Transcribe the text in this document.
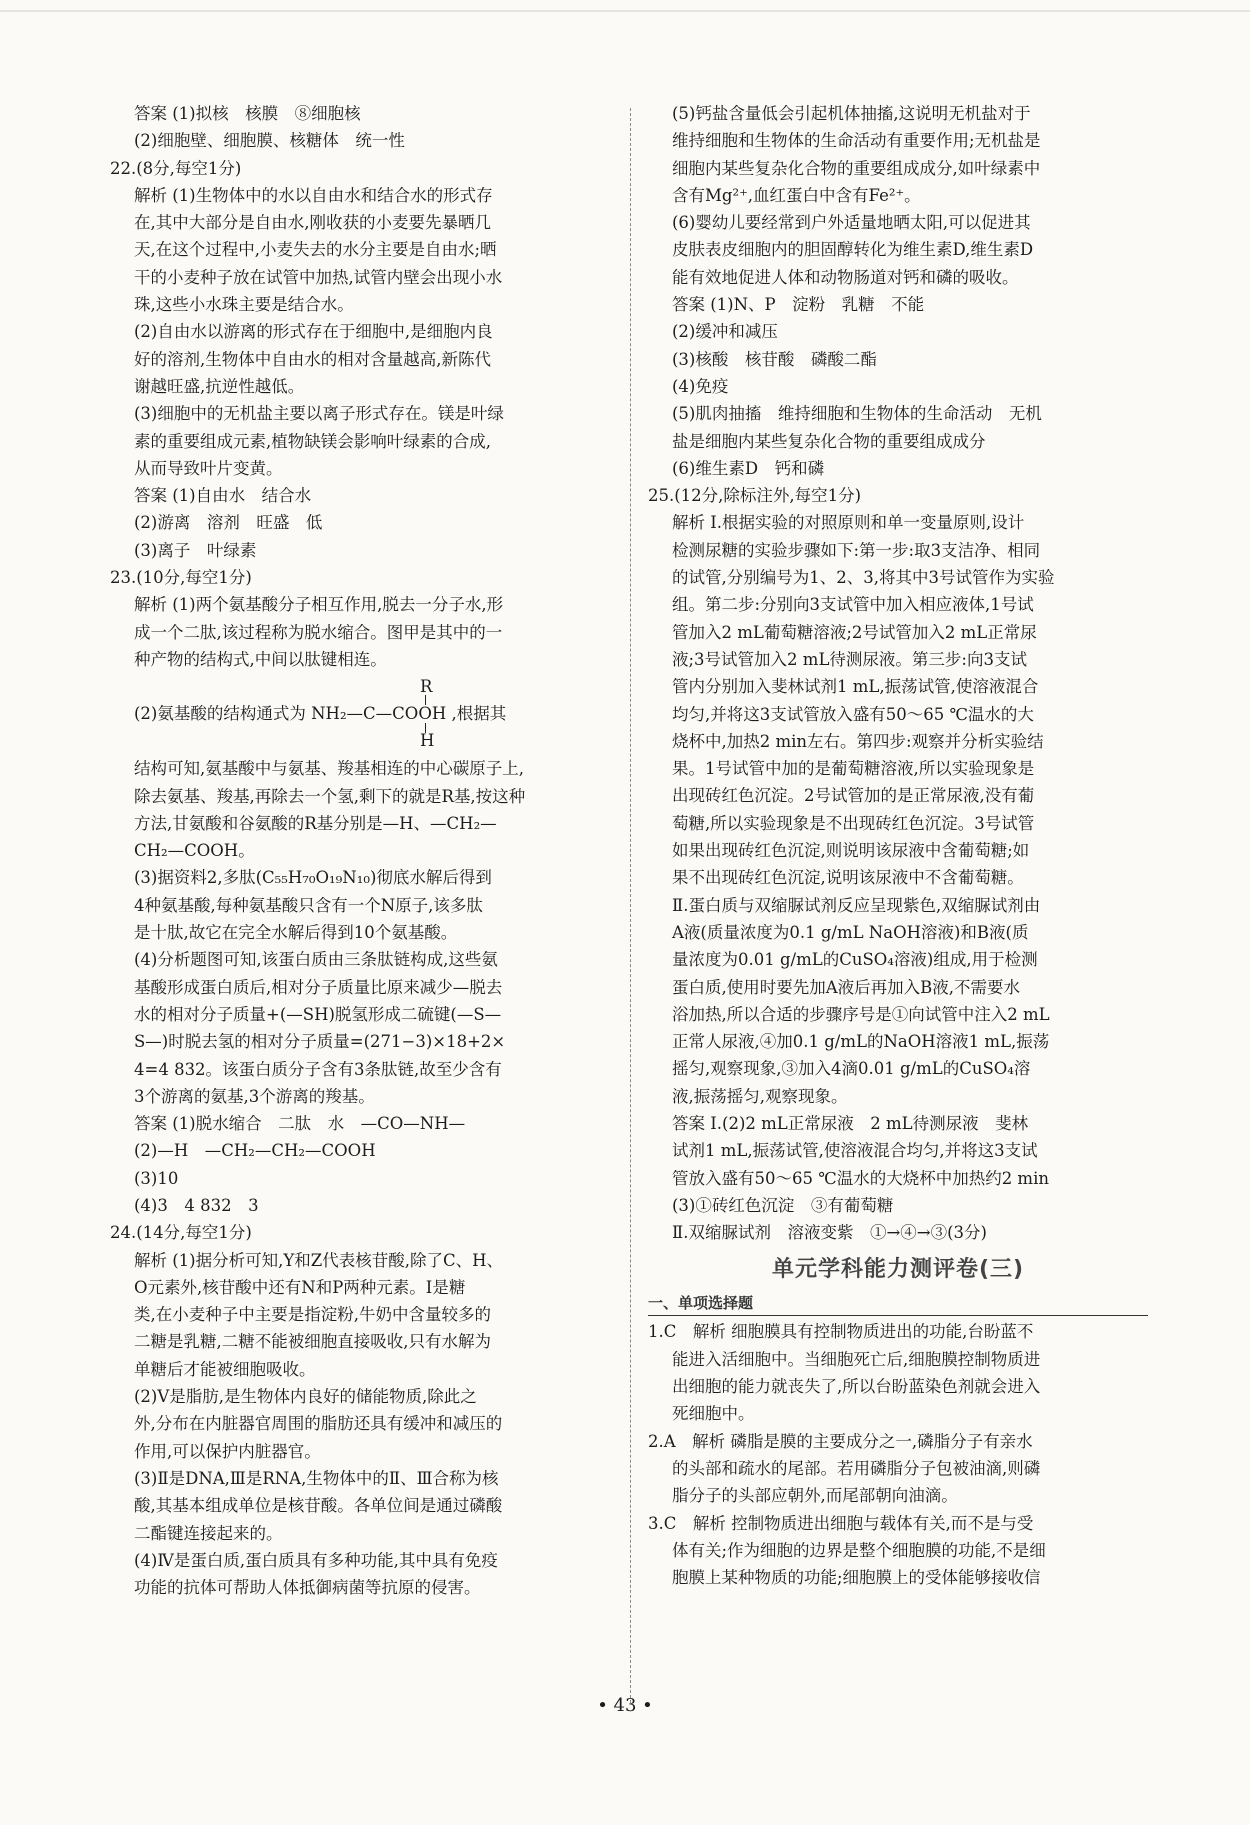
答案 (1)拟核　核膜　⑧细胞核
(2)细胞壁、细胞膜、核糖体　统一性
22.(8分,每空1分)
解析 (1)生物体中的水以自由水和结合水的形式存
在,其中大部分是自由水,刚收获的小麦要先暴晒几
天,在这个过程中,小麦失去的水分主要是自由水;晒
干的小麦种子放在试管中加热,试管内壁会出现小水
珠,这些小水珠主要是结合水。
(2)自由水以游离的形式存在于细胞中,是细胞内良
好的溶剂,生物体中自由水的相对含量越高,新陈代
谢越旺盛,抗逆性越低。
(3)细胞中的无机盐主要以离子形式存在。镁是叶绿
素的重要组成元素,植物缺镁会影响叶绿素的合成,
从而导致叶片变黄。
答案 (1)自由水　结合水
(2)游离　溶剂　旺盛　低
(3)离子　叶绿素
23.(10分,每空1分)
解析 (1)两个氨基酸分子相互作用,脱去一分子水,形
成一个二肽,该过程称为脱水缩合。图甲是其中的一
种产物的结构式,中间以肽键相连。
R
(2)氨基酸的结构通式为 NH₂—C—COOH ,根据其
H
结构可知,氨基酸中与氨基、羧基相连的中心碳原子上,
除去氨基、羧基,再除去一个氢,剩下的就是R基,按这种
方法,甘氨酸和谷氨酸的R基分别是—H、—CH₂—
CH₂—COOH。
(3)据资料2,多肽(C₅₅H₇₀O₁₉N₁₀)彻底水解后得到
4种氨基酸,每种氨基酸只含有一个N原子,该多肽
是十肽,故它在完全水解后得到10个氨基酸。
(4)分析题图可知,该蛋白质由三条肽链构成,这些氨
基酸形成蛋白质后,相对分子质量比原来减少—脱去
水的相对分子质量+(—SH)脱氢形成二硫键(—S—
S—)时脱去氢的相对分子质量=(271−3)×18+2×
4=4 832。该蛋白质分子含有3条肽链,故至少含有
3个游离的氨基,3个游离的羧基。
答案 (1)脱水缩合　二肽　水　—CO—NH—
(2)—H　—CH₂—CH₂—COOH
(3)10
(4)3　4 832　3
24.(14分,每空1分)
解析 (1)据分析可知,Y和Z代表核苷酸,除了C、H、
O元素外,核苷酸中还有N和P两种元素。Ⅰ是糖
类,在小麦种子中主要是指淀粉,牛奶中含量较多的
二糖是乳糖,二糖不能被细胞直接吸收,只有水解为
单糖后才能被细胞吸收。
(2)Ⅴ是脂肪,是生物体内良好的储能物质,除此之
外,分布在内脏器官周围的脂肪还具有缓冲和减压的
作用,可以保护内脏器官。
(3)Ⅱ是DNA,Ⅲ是RNA,生物体中的Ⅱ、Ⅲ合称为核
酸,其基本组成单位是核苷酸。各单位间是通过磷酸
二酯键连接起来的。
(4)Ⅳ是蛋白质,蛋白质具有多种功能,其中具有免疫
功能的抗体可帮助人体抵御病菌等抗原的侵害。
(5)钙盐含量低会引起机体抽搐,这说明无机盐对于
维持细胞和生物体的生命活动有重要作用;无机盐是
细胞内某些复杂化合物的重要组成成分,如叶绿素中
含有Mg²⁺,血红蛋白中含有Fe²⁺。
(6)婴幼儿要经常到户外适量地晒太阳,可以促进其
皮肤表皮细胞内的胆固醇转化为维生素D,维生素D
能有效地促进人体和动物肠道对钙和磷的吸收。
答案 (1)N、P　淀粉　乳糖　不能
(2)缓冲和减压
(3)核酸　核苷酸　磷酸二酯
(4)免疫
(5)肌肉抽搐　维持细胞和生物体的生命活动　无机
盐是细胞内某些复杂化合物的重要组成成分
(6)维生素D　钙和磷
25.(12分,除标注外,每空1分)
解析 Ⅰ.根据实验的对照原则和单一变量原则,设计
检测尿糖的实验步骤如下:第一步:取3支洁净、相同
的试管,分别编号为1、2、3,将其中3号试管作为实验
组。第二步:分别向3支试管中加入相应液体,1号试
管加入2 mL葡萄糖溶液;2号试管加入2 mL正常尿
液;3号试管加入2 mL待测尿液。第三步:向3支试
管内分别加入斐林试剂1 mL,振荡试管,使溶液混合
均匀,并将这3支试管放入盛有50～65 ℃温水的大
烧杯中,加热2 min左右。第四步:观察并分析实验结
果。1号试管中加的是葡萄糖溶液,所以实验现象是
出现砖红色沉淀。2号试管加的是正常尿液,没有葡
萄糖,所以实验现象是不出现砖红色沉淀。3号试管
如果出现砖红色沉淀,则说明该尿液中含葡萄糖;如
果不出现砖红色沉淀,说明该尿液中不含葡萄糖。
Ⅱ.蛋白质与双缩脲试剂反应呈现紫色,双缩脲试剂由
A液(质量浓度为0.1 g/mL NaOH溶液)和B液(质
量浓度为0.01 g/mL的CuSO₄溶液)组成,用于检测
蛋白质,使用时要先加A液后再加入B液,不需要水
浴加热,所以合适的步骤序号是①向试管中注入2 mL
正常人尿液,④加0.1 g/mL的NaOH溶液1 mL,振荡
摇匀,观察现象,③加入4滴0.01 g/mL的CuSO₄溶
液,振荡摇匀,观察现象。
答案 Ⅰ.(2)2 mL正常尿液　2 mL待测尿液　斐林
试剂1 mL,振荡试管,使溶液混合均匀,并将这3支试
管放入盛有50～65 ℃温水的大烧杯中加热约2 min
(3)①砖红色沉淀　③有葡萄糖
Ⅱ.双缩脲试剂　溶液变紫　①→④→③(3分)
单元学科能力测评卷(三)
一、单项选择题
1.C　解析 细胞膜具有控制物质进出的功能,台盼蓝不
能进入活细胞中。当细胞死亡后,细胞膜控制物质进
出细胞的能力就丧失了,所以台盼蓝染色剂就会进入
死细胞中。
2.A　解析 磷脂是膜的主要成分之一,磷脂分子有亲水
的头部和疏水的尾部。若用磷脂分子包被油滴,则磷
脂分子的头部应朝外,而尾部朝向油滴。
3.C　解析 控制物质进出细胞与载体有关,而不是与受
体有关;作为细胞的边界是整个细胞膜的功能,不是细
胞膜上某种物质的功能;细胞膜上的受体能够接收信
• 43 •
